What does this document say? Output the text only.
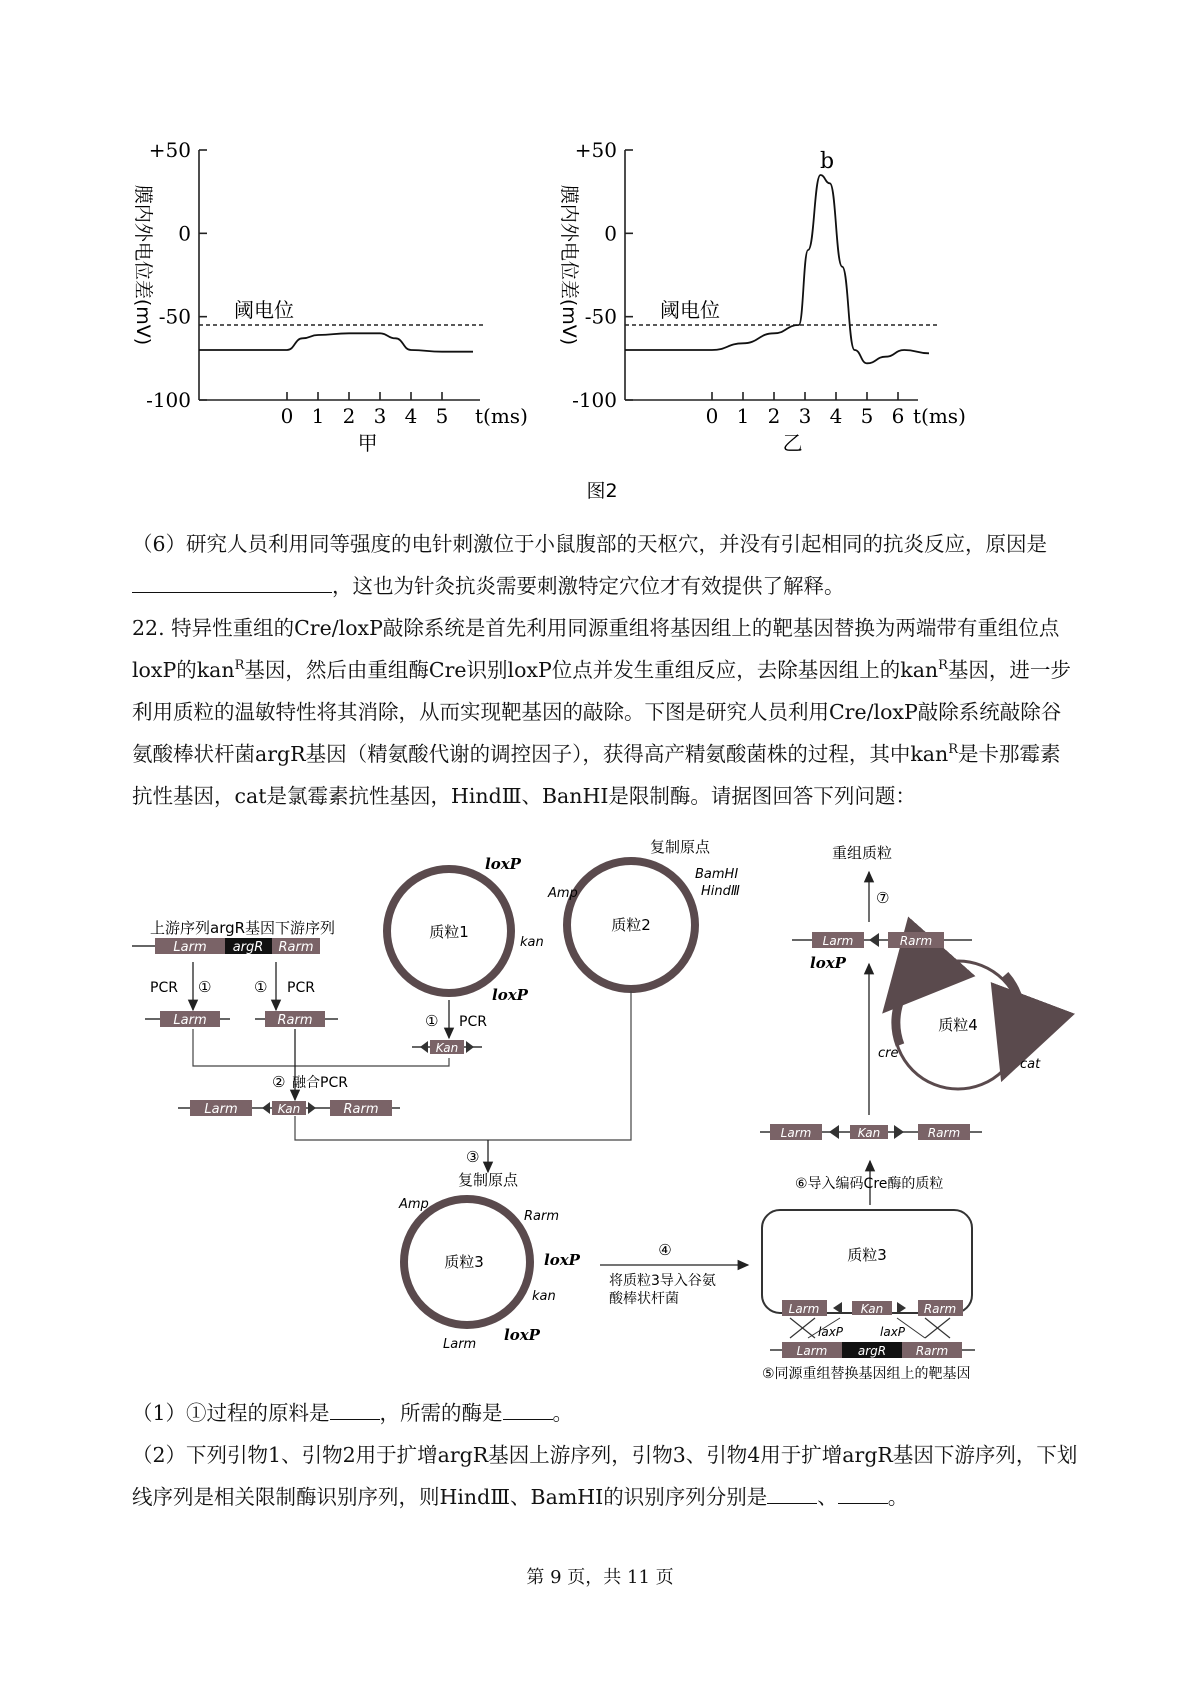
+50
0
-50
-100
膜内外电位差(mV)
0 1 2 3 4 5 t(ms)
甲
阈电位
+50
0
-50
-100
膜内外电位差(mV)
0 1 2 3 4 5 6 t(ms)
乙
阈电位
b
图2

（6）研究人员利用同等强度的电针刺激位于小鼠腹部的天枢穴，并没有引起相同的抗炎反应，原因是，这也为针灸抗炎需要刺激特定穴位才有效提供了解释。

22. 特异性重组的Cre/loxP敲除系统是首先利用同源重组将基因组上的靶基因替换为两端带有重组位点loxP的kan$^R$基因，然后由重组酶Cre识别loxP位点并发生重组反应，去除基因组上的kan$^R$基因，进一步利用质粒的温敏特性将其消除，从而实现靶基因的敲除。下图是研究人员利用Cre/loxP敲除系统敲除谷氨酸棒状杆菌argR基因（精氨酸代谢的调控因子），获得高产精氨酸菌株的过程，其中kan$^R$是卡那霉素抗性基因，cat是氯霉素抗性基因，HindⅢ、BanHⅠ是限制酶。请据图回答下列问题：

上游序列argR基因下游序列
Larm argR Rarm
PCR ①	① PCR
Larm	Rarm
质粒1
loxP
kan
loxP
① PCR
Kan
② 融合PCR
Larm	Kan	Rarm
质粒2
复制原点
BamHⅠ
HindⅢ
Amp
③
复制原点
质粒3
Amp
Rarm
loxP
kan
loxP
Larm
④
将质粒3导入谷氨
酸棒状杆菌
质粒3
Larm	Kan	Rarm
laxP	laxP
Larm	argR Rarm
⑤同源重组替换基因组上的靶基因
⑥导入编码Cre酶的质粒
Larm	Kan	Rarm
质粒4
cre
cat
Larm	Rarm
loxP
⑦
重组质粒

（1）①过程的原料是 ，所需的酶是 。

（2）下列引物1、引物2用于扩增argR基因上游序列，引物3、引物4用于扩增argR基因下游序列，下划线序列是相关限制酶识别序列，则HindⅢ、BamHⅠ的识别序列分别是 、 。

第 9 页，共 11 页
